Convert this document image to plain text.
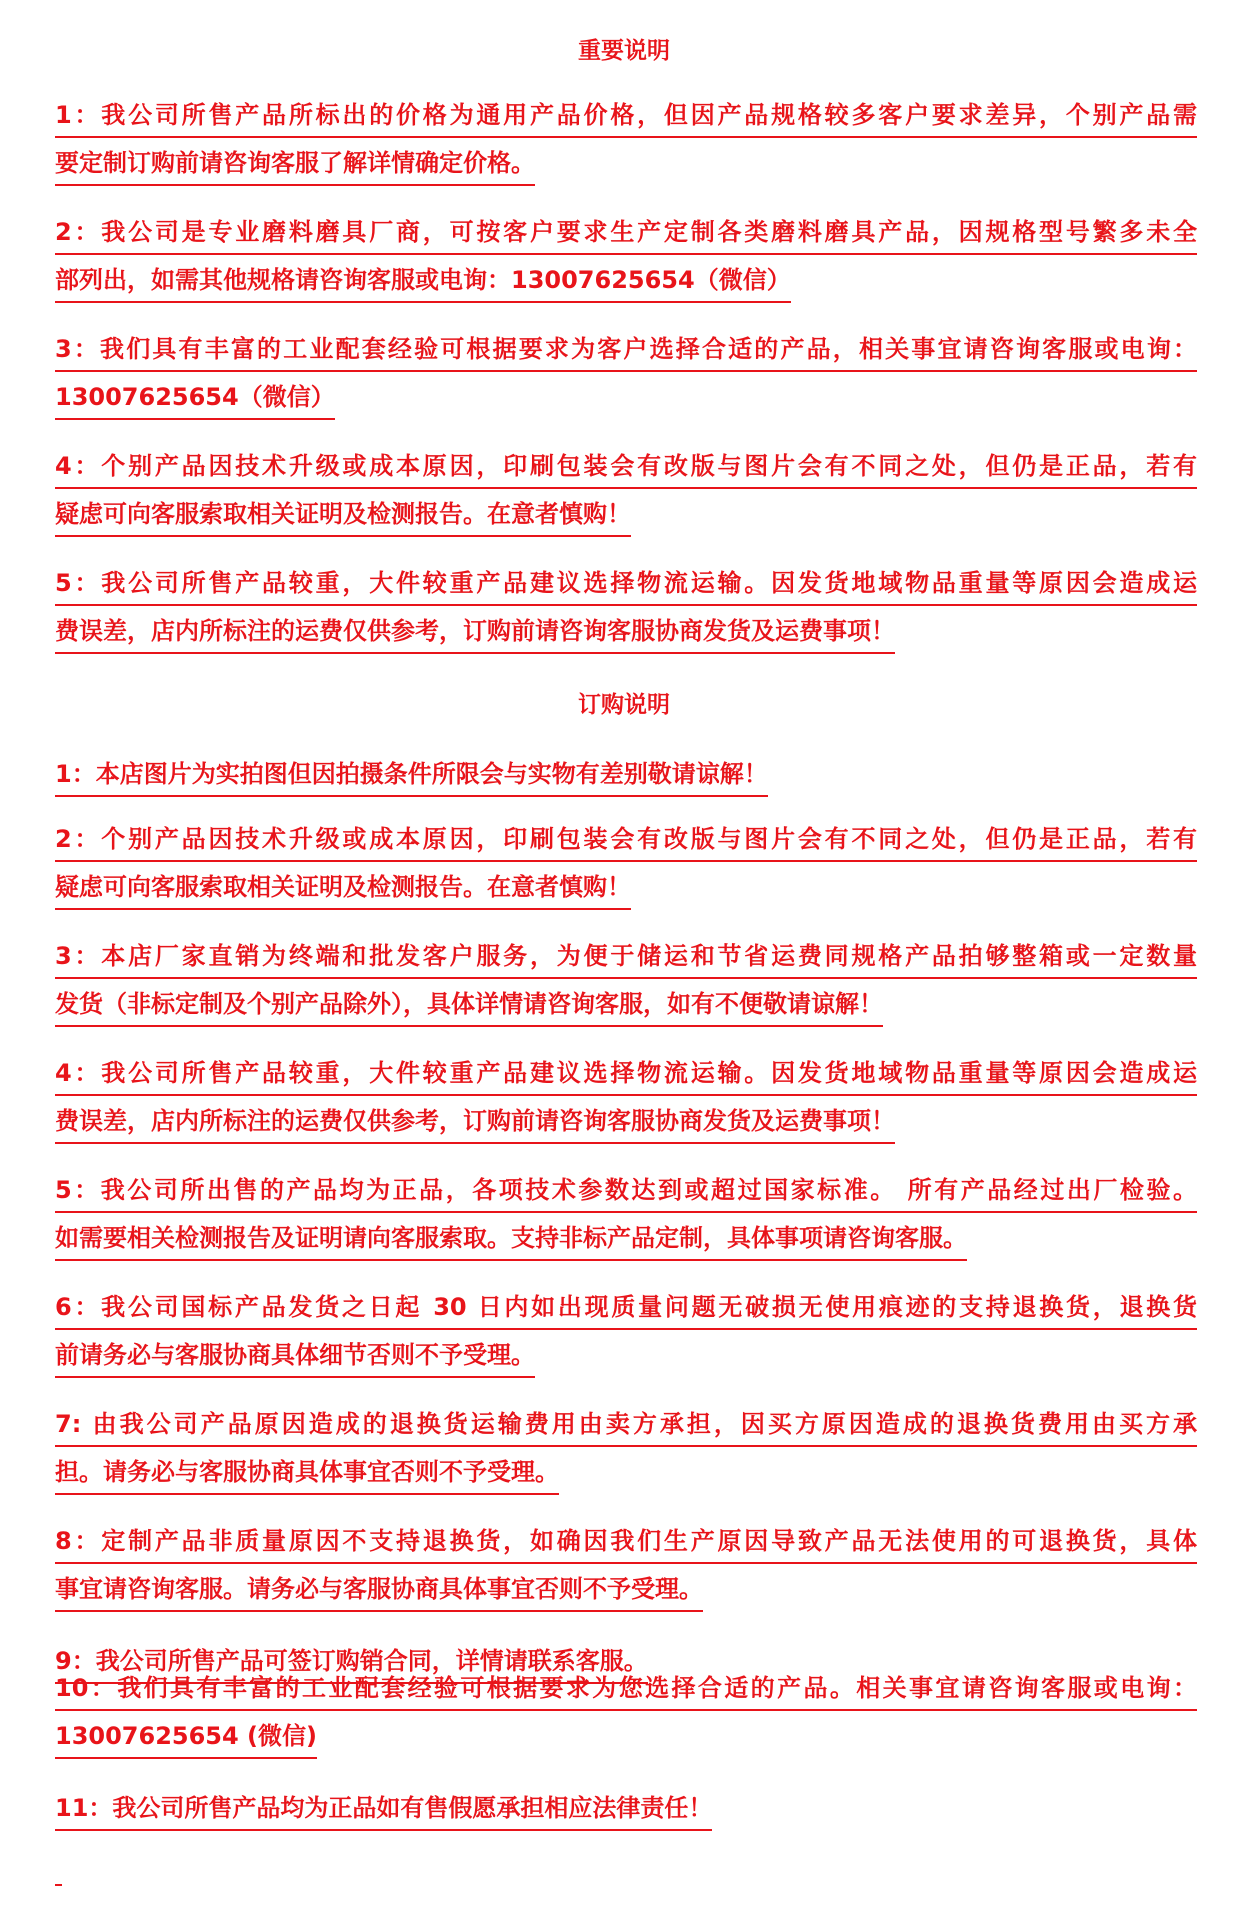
重要说明
1：我公司所售产品所标出的价格为通用产品价格，但因产品规格较多客户要求差异，个别产品需
要定制订购前请咨询客服了解详情确定价格。
2：我公司是专业磨料磨具厂商，可按客户要求生产定制各类磨料磨具产品，因规格型号繁多未全
部列出，如需其他规格请咨询客服或电询：13007625654（微信）
3：我们具有丰富的工业配套经验可根据要求为客户选择合适的产品，相关事宜请咨询客服或电询：
13007625654（微信）
4：个别产品因技术升级或成本原因，印刷包装会有改版与图片会有不同之处，但仍是正品，若有
疑虑可向客服索取相关证明及检测报告。在意者慎购！
5：我公司所售产品较重，大件较重产品建议选择物流运输。因发货地域物品重量等原因会造成运
费误差，店内所标注的运费仅供参考，订购前请咨询客服协商发货及运费事项！
订购说明
1：本店图片为实拍图但因拍摄条件所限会与实物有差别敬请谅解！
2：个别产品因技术升级或成本原因，印刷包装会有改版与图片会有不同之处，但仍是正品，若有
疑虑可向客服索取相关证明及检测报告。在意者慎购！
3：本店厂家直销为终端和批发客户服务，为便于储运和节省运费同规格产品拍够整箱或一定数量
发货（非标定制及个别产品除外），具体详情请咨询客服，如有不便敬请谅解！
4：我公司所售产品较重，大件较重产品建议选择物流运输。因发货地域物品重量等原因会造成运
费误差，店内所标注的运费仅供参考，订购前请咨询客服协商发货及运费事项！
5：我公司所出售的产品均为正品，各项技术参数达到或超过国家标准。 所有产品经过出厂检验。
如需要相关检测报告及证明请向客服索取。支持非标产品定制，具体事项请咨询客服。
6：我公司国标产品发货之日起 30 日内如出现质量问题无破损无使用痕迹的支持退换货，退换货
前请务必与客服协商具体细节否则不予受理。
7: 由我公司产品原因造成的退换货运输费用由卖方承担，因买方原因造成的退换货费用由买方承
担。请务必与客服协商具体事宜否则不予受理。
8：定制产品非质量原因不支持退换货，如确因我们生产原因导致产品无法使用的可退换货，具体
事宜请咨询客服。请务必与客服协商具体事宜否则不予受理。
9：我公司所售产品可签订购销合同，详情请联系客服。
10：我们具有丰富的工业配套经验可根据要求为您选择合适的产品。相关事宜请咨询客服或电询：
13007625654 (微信)
11：我公司所售产品均为正品如有售假愿承担相应法律责任！
